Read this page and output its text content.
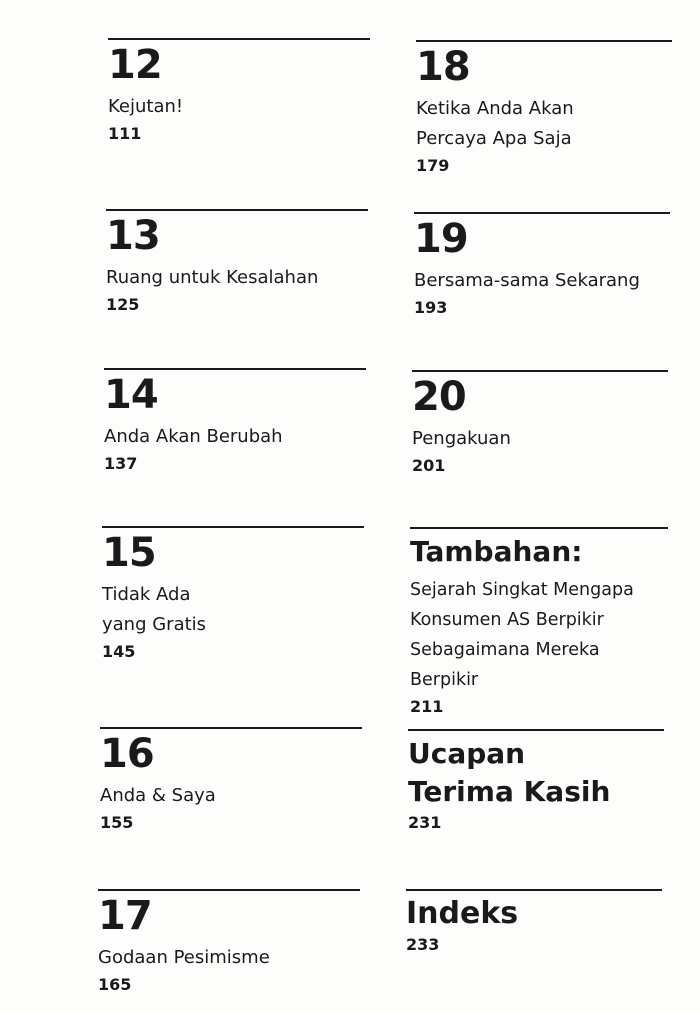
12
Kejutan!
111
13
Ruang untuk Kesalahan
125
14
Anda Akan Berubah
137
15
Tidak Ada
yang Gratis
145
16
Anda & Saya
155
17
Godaan Pesimisme
165
18
Ketika Anda Akan
Percaya Apa Saja
179
19
Bersama-sama Sekarang
193
20
Pengakuan
201
Tambahan:
Sejarah Singkat Mengapa
Konsumen AS Berpikir
Sebagaimana Mereka Berpikir
211
Ucapan
Terima Kasih
231
Indeks
233
